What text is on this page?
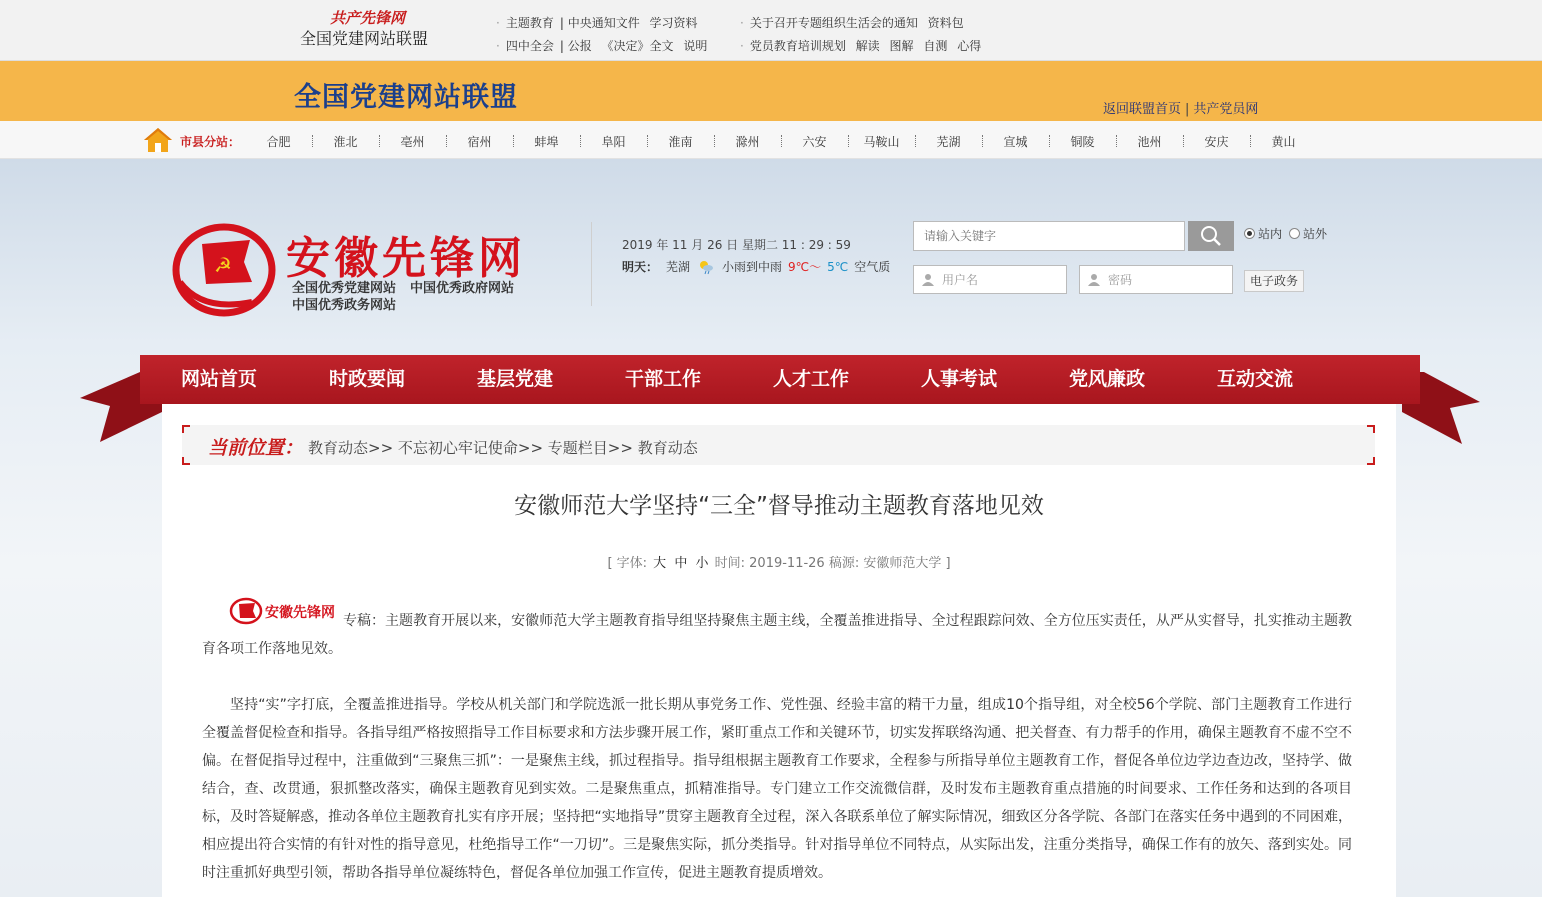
共产先锋网
全国党建网站联盟
· 主题教育 | 中央通知文件 学习资料
· 四中全会 | 公报 《决定》全文 说明
· 关于召开专题组织生活会的通知 资料包
· 党员教育培训规划 解读 图解 自测 心得
全国党建网站联盟	返回联盟首页 | 共产党员网
市县分站：	合肥	淮北	亳州	宿州	蚌埠	阜阳	淮南	滁州	六安	马鞍山	芜湖	宣城	铜陵	池州	安庆	黄山
☭ 安徽先锋网
全国优秀党建网站 中国优秀政府网站
中国优秀政务网站
2019 年 11 月 26 日 星期二 11 : 29 : 59
明天： 芜湖	小雨到中雨 9℃～ 5℃ 空气质
请输入关键字
站内 站外
用户名	密码	电子政务
网站首页	时政要闻	基层党建	干部工作	人才工作	人事考试	党风廉政	互动交流
当前位置： 教育动态>> 不忘初心牢记使命>> 专题栏目>> 教育动态
安徽师范大学坚持“三全”督导推动主题教育落地见效
[ 字体: 大 中 小 时间: 2019-11-26 稿源: 安徽师范大学 ]
安徽先锋网 专稿：主题教育开展以来，安徽师范大学主题教育指导组坚持聚焦主题主线，全覆盖推进指导、全过程跟踪问效、全方位压实责任，从严从实督导，扎实推动主题教育各项工作落地见效。
坚持“实”字打底，全覆盖推进指导。学校从机关部门和学院选派一批长期从事党务工作、党性强、经验丰富的精干力量，组成10个指导组，对全校56个学院、部门主题教育工作进行全覆盖督促检查和指导。各指导组严格按照指导工作目标要求和方法步骤开展工作，紧盯重点工作和关键环节，切实发挥联络沟通、把关督查、有力帮手的作用，确保主题教育不虚不空不偏。在督促指导过程中，注重做到“三聚焦三抓”：一是聚焦主线，抓过程指导。指导组根据主题教育工作要求，全程参与所指导单位主题教育工作，督促各单位边学边查边改，坚持学、做结合，查、改贯通，狠抓整改落实，确保主题教育见到实效。二是聚焦重点，抓精准指导。专门建立工作交流微信群，及时发布主题教育重点措施的时间要求、工作任务和达到的各项目标，及时答疑解惑，推动各单位主题教育扎实有序开展；坚持把“实地指导”贯穿主题教育全过程，深入各联系单位了解实际情况，细致区分各学院、各部门在落实任务中遇到的不同困难，相应提出符合实情的有针对性的指导意见，杜绝指导工作“一刀切”。三是聚焦实际，抓分类指导。针对指导单位不同特点，从实际出发，注重分类指导，确保工作有的放矢、落到实处。同时注重抓好典型引领，帮助各指导单位凝练特色，督促各单位加强工作宣传，促进主题教育提质增效。
